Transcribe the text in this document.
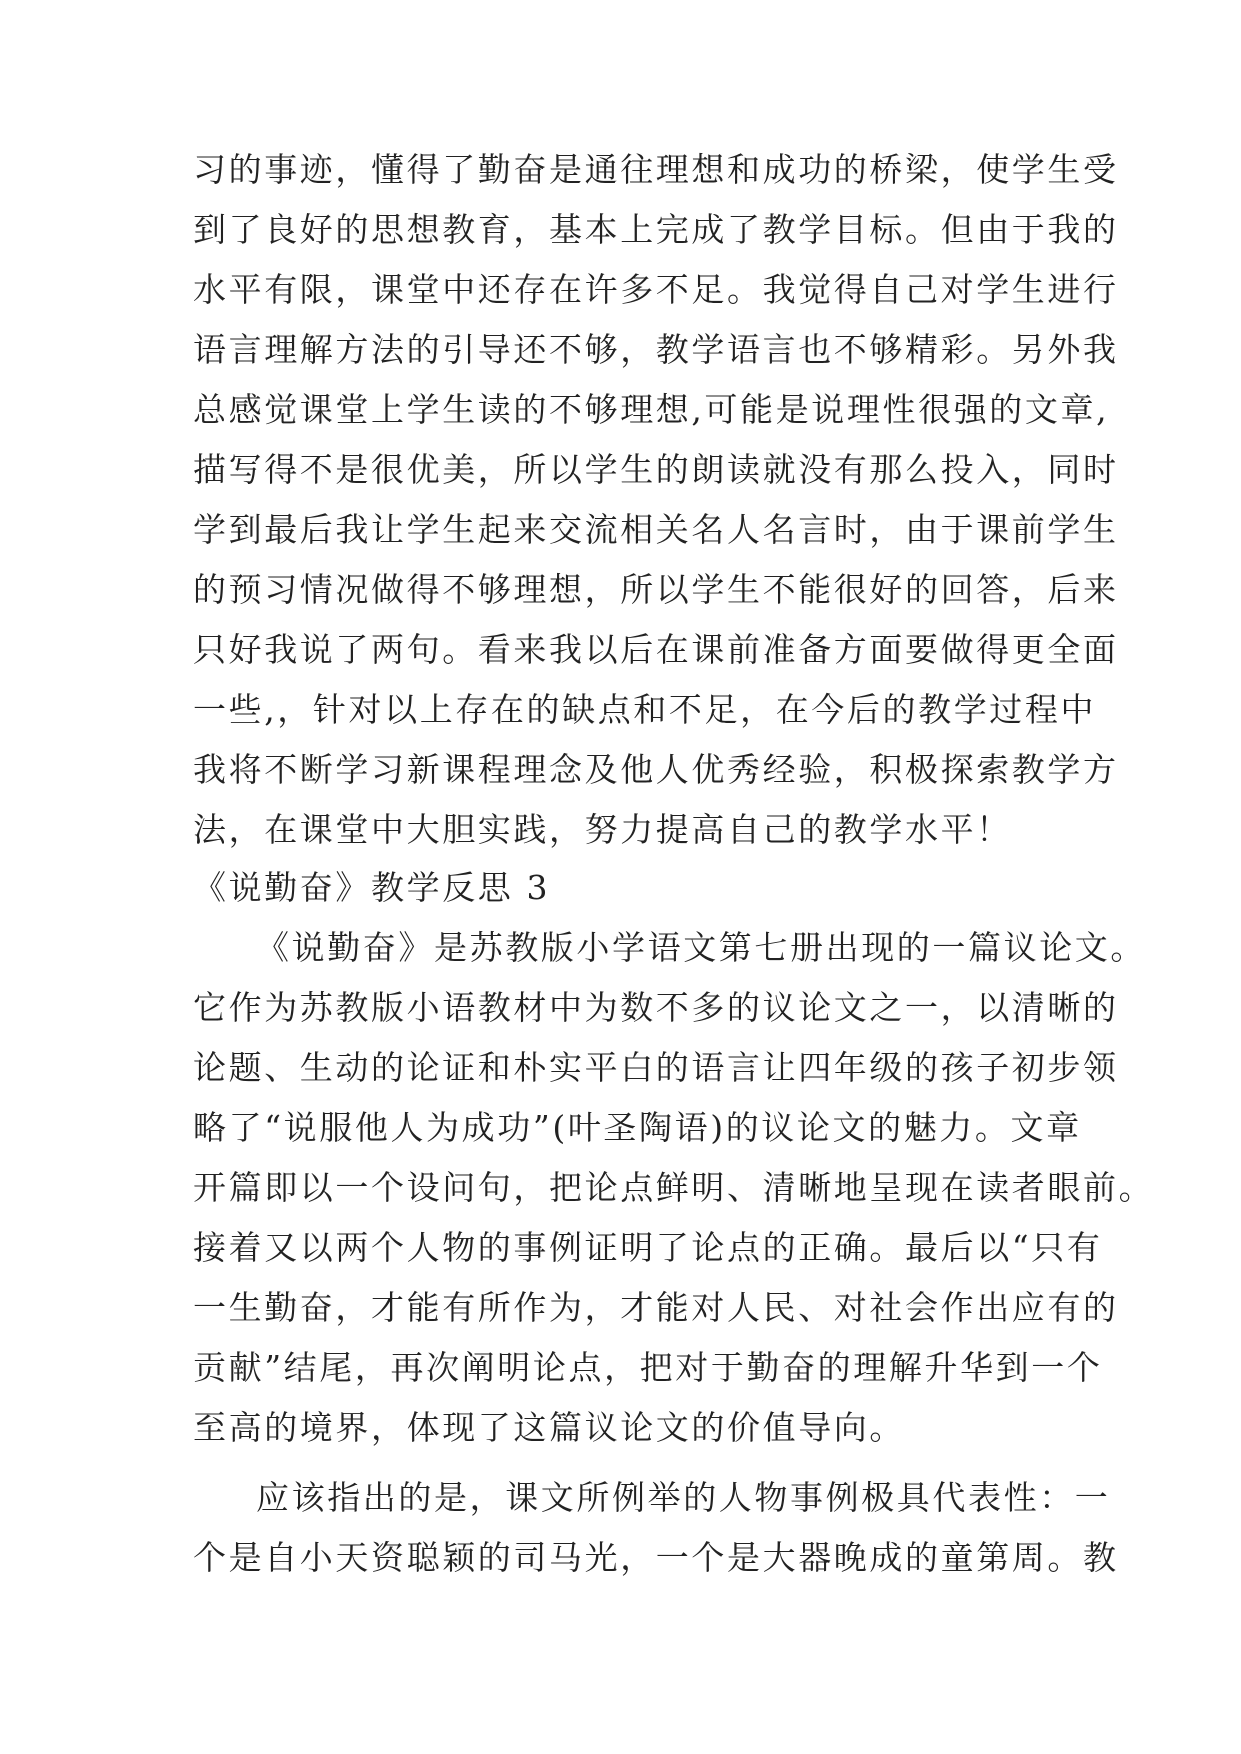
习的事迹，懂得了勤奋是通往理想和成功的桥梁，使学生受
到了良好的思想教育，基本上完成了教学目标。但由于我的
水平有限，课堂中还存在许多不足。我觉得自己对学生进行
语言理解方法的引导还不够，教学语言也不够精彩。另外我
总感觉课堂上学生读的不够理想,可能是说理性很强的文章,
描写得不是很优美，所以学生的朗读就没有那么投入，同时
学到最后我让学生起来交流相关名人名言时，由于课前学生
的预习情况做得不够理想，所以学生不能很好的回答，后来
只好我说了两句。看来我以后在课前准备方面要做得更全面
一些,，针对以上存在的缺点和不足，在今后的教学过程中
我将不断学习新课程理念及他人优秀经验，积极探索教学方
法，在课堂中大胆实践，努力提高自己的教学水平！
《说勤奋》教学反思 3
《说勤奋》是苏教版小学语文第七册出现的一篇议论文。
它作为苏教版小语教材中为数不多的议论文之一，以清晰的
论题、生动的论证和朴实平白的语言让四年级的孩子初步领
略了“说服他人为成功”(叶圣陶语)的议论文的魅力。文章
开篇即以一个设问句，把论点鲜明、清晰地呈现在读者眼前。
接着又以两个人物的事例证明了论点的正确。最后以“只有
一生勤奋，才能有所作为，才能对人民、对社会作出应有的
贡献”结尾，再次阐明论点，把对于勤奋的理解升华到一个
至高的境界，体现了这篇议论文的价值导向。
应该指出的是，课文所例举的人物事例极具代表性：一
个是自小天资聪颖的司马光，一个是大器晚成的童第周。教
